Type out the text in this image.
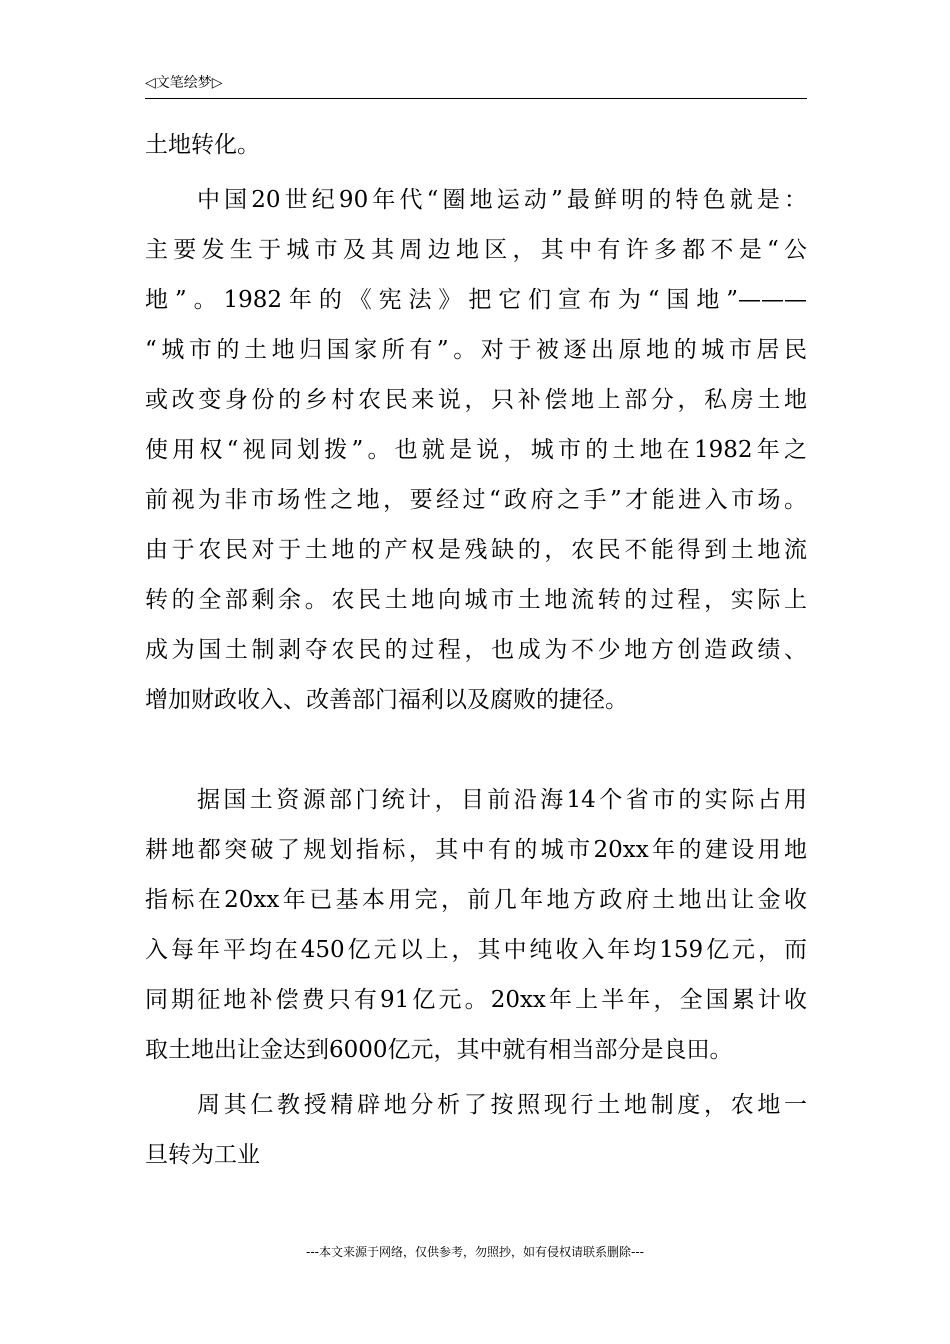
◁文笔绘梦▷
土地转化。
中国20世纪90年代“圈地运动”最鲜明的特色就是：
主要发生于城市及其周边地区，其中有许多都不是“公
地”。1982年的《宪法》把它们宣布为“国地”———
“城市的土地归国家所有”。对于被逐出原地的城市居民
或改变身份的乡村农民来说，只补偿地上部分，私房土地
使用权“视同划拨”。也就是说，城市的土地在1982年之
前视为非市场性之地，要经过“政府之手”才能进入市场。
由于农民对于土地的产权是残缺的，农民不能得到土地流
转的全部剩余。农民土地向城市土地流转的过程，实际上
成为国土制剥夺农民的过程，也成为不少地方创造政绩、
增加财政收入、改善部门福利以及腐败的捷径。
据国土资源部门统计，目前沿海14个省市的实际占用
耕地都突破了规划指标，其中有的城市20xx年的建设用地
指标在20xx年已基本用完，前几年地方政府土地出让金收
入每年平均在450亿元以上，其中纯收入年均159亿元，而
同期征地补偿费只有91亿元。20xx年上半年，全国累计收
取土地出让金达到6000亿元，其中就有相当部分是良田。
周其仁教授精辟地分析了按照现行土地制度，农地一
旦转为工业
---本文来源于网络，仅供参考，勿照抄，如有侵权请联系删除---
